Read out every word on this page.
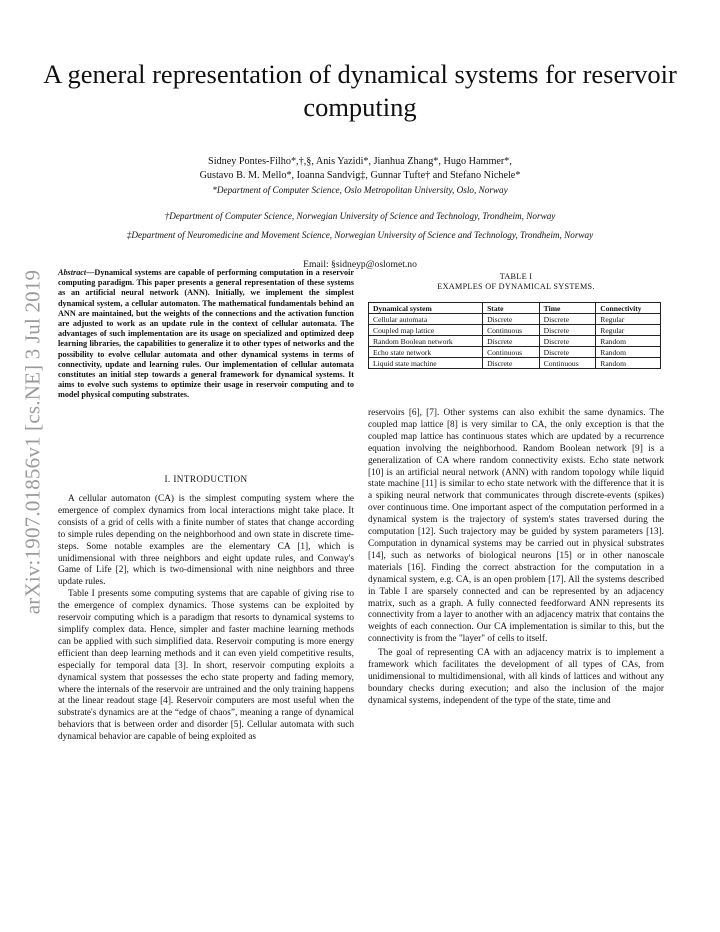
arXiv:1907.01856v1 [cs.NE] 3 Jul 2019
A general representation of dynamical systems for reservoir computing
Sidney Pontes-Filho*,†,§, Anis Yazidi*, Jianhua Zhang*, Hugo Hammer*,
Gustavo B. M. Mello*, Ioanna Sandvig‡, Gunnar Tufte† and Stefano Nichele*
*Department of Computer Science, Oslo Metropolitan University, Oslo, Norway
†Department of Computer Science, Norwegian University of Science and Technology, Trondheim, Norway
‡Department of Neuromedicine and Movement Science, Norwegian University of Science and Technology, Trondheim, Norway
Email: §sidneyp@oslomet.no
Abstract—Dynamical systems are capable of performing computation in a reservoir computing paradigm. This paper presents a general representation of these systems as an artificial neural network (ANN). Initially, we implement the simplest dynamical system, a cellular automaton. The mathematical fundamentals behind an ANN are maintained, but the weights of the connections and the activation function are adjusted to work as an update rule in the context of cellular automata. The advantages of such implementation are its usage on specialized and optimized deep learning libraries, the capabilities to generalize it to other types of networks and the possibility to evolve cellular automata and other dynamical systems in terms of connectivity, update and learning rules. Our implementation of cellular automata constitutes an initial step towards a general framework for dynamical systems. It aims to evolve such systems to optimize their usage in reservoir computing and to model physical computing substrates.
I. INTRODUCTION

A cellular automaton (CA) is the simplest computing system where the emergence of complex dynamics from local interactions might take place. It consists of a grid of cells with a finite number of states that change according to simple rules depending on the neighborhood and own state in discrete time-steps. Some notable examples are the elementary CA [1], which is unidimensional with three neighbors and eight update rules, and Conway's Game of Life [2], which is two-dimensional with nine neighbors and three update rules.

Table I presents some computing systems that are capable of giving rise to the emergence of complex dynamics. Those systems can be exploited by reservoir computing which is a paradigm that resorts to dynamical systems to simplify complex data. Hence, simpler and faster machine learning methods can be applied with such simplified data. Reservoir computing is more energy efficient than deep learning methods and it can even yield competitive results, especially for temporal data [3]. In short, reservoir computing exploits a dynamical system that possesses the echo state property and fading memory, where the internals of the reservoir are untrained and the only training happens at the linear readout stage [4]. Reservoir computers are most useful when the substrate's dynamics are at the “edge of chaos”, meaning a range of dynamical behaviors that is between order and disorder [5]. Cellular automata with such dynamical behavior are capable of being exploited as

TABLE I
EXAMPLES OF DYNAMICAL SYSTEMS.
Dynamical system	State	Time	Connectivity
Cellular automata	Discrete	Discrete	Regular
Coupled map lattice	Continuous	Discrete	Regular
Random Boolean network	Discrete	Discrete	Random
Echo state network	Continuous	Discrete	Random
Liquid state machine	Discrete	Continuous	Random

reservoirs [6], [7]. Other systems can also exhibit the same dynamics. The coupled map lattice [8] is very similar to CA, the only exception is that the coupled map lattice has continuous states which are updated by a recurrence equation involving the neighborhood. Random Boolean network [9] is a generalization of CA where random connectivity exists. Echo state network [10] is an artificial neural network (ANN) with random topology while liquid state machine [11] is similar to echo state network with the difference that it is a spiking neural network that communicates through discrete-events (spikes) over continuous time. One important aspect of the computation performed in a dynamical system is the trajectory of system's states traversed during the computation [12]. Such trajectory may be guided by system parameters [13]. Computation in dynamical systems may be carried out in physical substrates [14], such as networks of biological neurons [15] or in other nanoscale materials [16]. Finding the correct abstraction for the computation in a dynamical system, e.g. CA, is an open problem [17]. All the systems described in Table I are sparsely connected and can be represented by an adjacency matrix, such as a graph. A fully connected feedforward ANN represents its connectivity from a layer to another with an adjacency matrix that contains the weights of each connection. Our CA implementation is similar to this, but the connectivity is from the "layer" of cells to itself.

The goal of representing CA with an adjacency matrix is to implement a framework which facilitates the development of all types of CAs, from unidimensional to multidimensional, with all kinds of lattices and without any boundary checks during execution; and also the inclusion of the major dynamical systems, independent of the type of the state, time and
